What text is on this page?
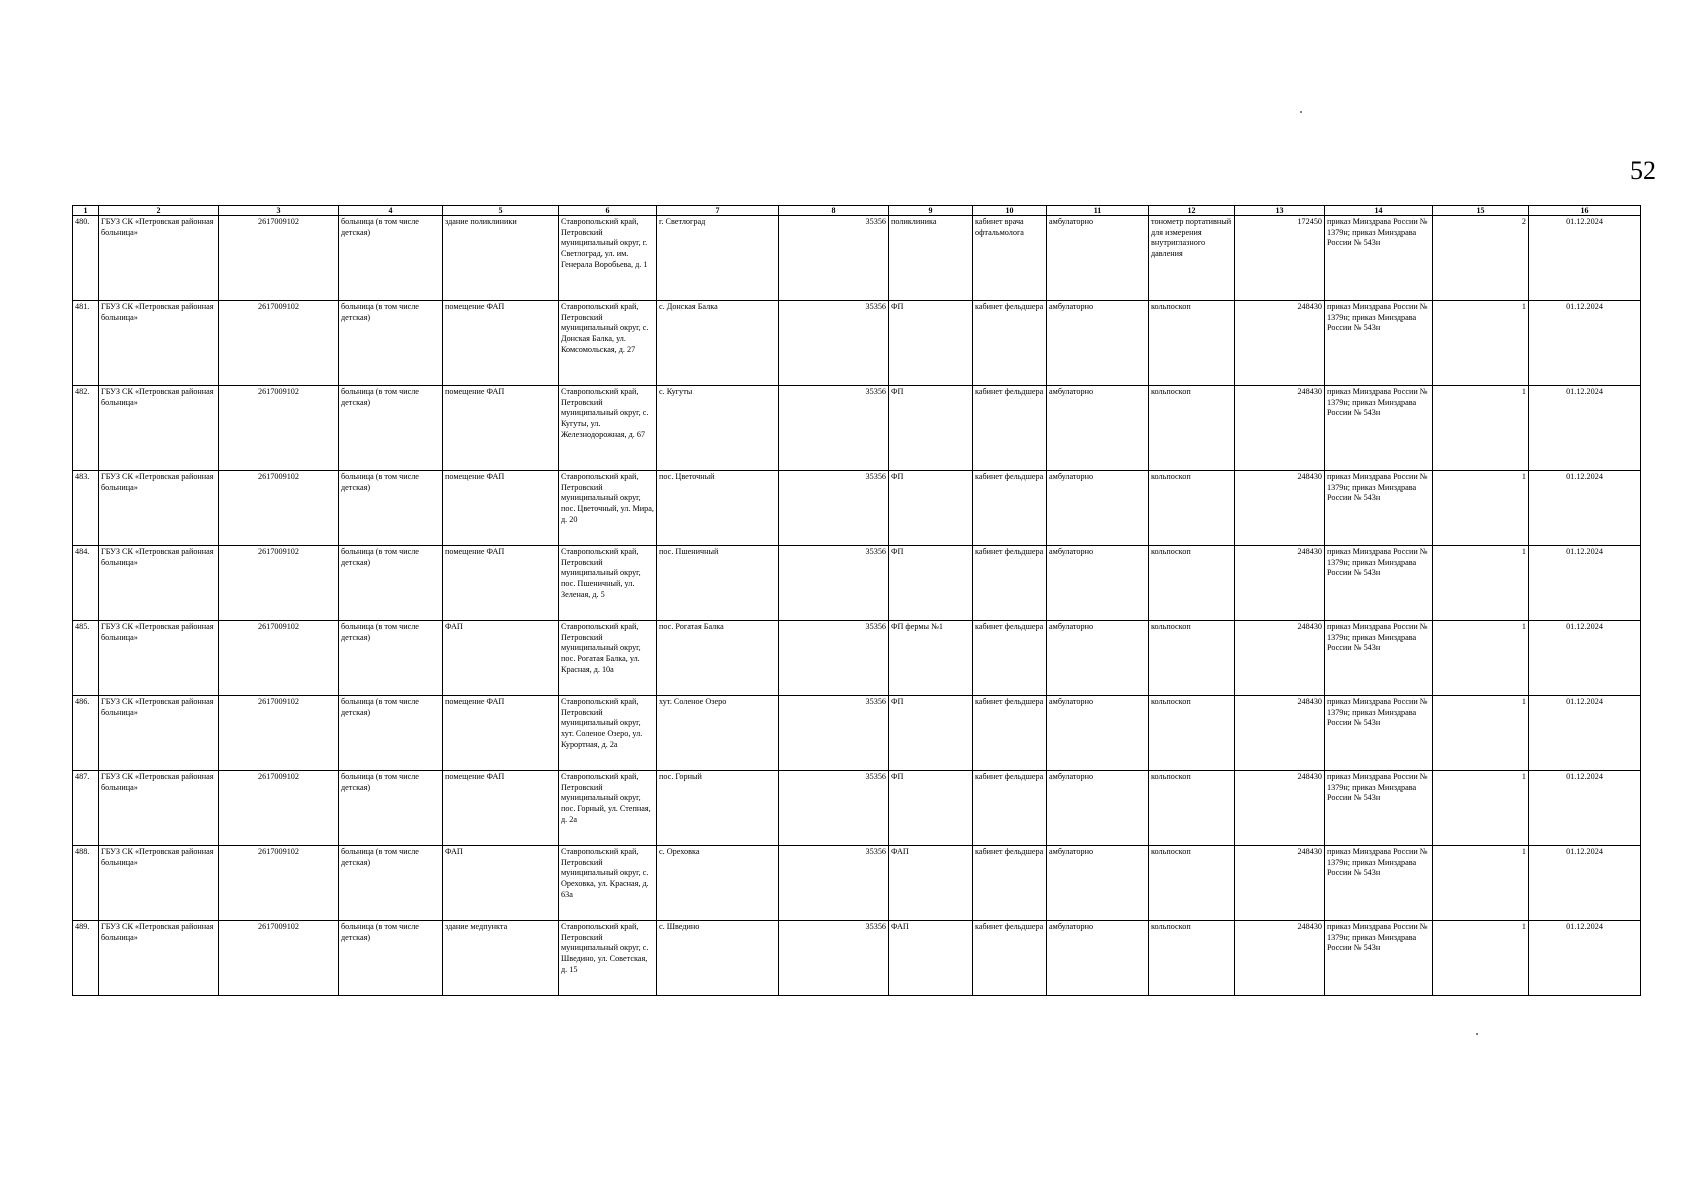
52
1	2	3	4	5	6	7	8	9	10	11	12	13	14	15	16
480.	ГБУЗ СК «Петровская районная больница»	2617009102	больница (в том числе детская)	здание поликлиники	Ставропольский край, Петровский муниципальный округ, г. Светлоград, ул. им. Генерала Воробьева, д. 1	г. Светлоград	35356	поликлиника	кабинет врача офтальмолога	амбулаторно	тонометр портативный для измерения внутриглазного давления	172450	приказ Минздрава России № 1379н; приказ Минздрава России № 543н	2	01.12.2024
481.	ГБУЗ СК «Петровская районная больница»	2617009102	больница (в том числе детская)	помещение ФАП	Ставропольский край, Петровский муниципальный округ, с. Донская Балка, ул. Комсомольская, д. 27	с. Донская Балка	35356	ФП	кабинет фельдшера	амбулаторно	кольпоскоп	248430	приказ Минздрава России № 1379н; приказ Минздрава России № 543н	1	01.12.2024
482.	ГБУЗ СК «Петровская районная больница»	2617009102	больница (в том числе детская)	помещение ФАП	Ставропольский край, Петровский муниципальный округ, с. Кугуты, ул. Железнодорожная, д. 67	с. Кугуты	35356	ФП	кабинет фельдшера	амбулаторно	кольпоскоп	248430	приказ Минздрава России № 1379н; приказ Минздрава России № 543н	1	01.12.2024
483.	ГБУЗ СК «Петровская районная больница»	2617009102	больница (в том числе детская)	помещение ФАП	Ставропольский край, Петровский муниципальный округ, пос. Цветочный, ул. Мира, д. 20	пос. Цветочный	35356	ФП	кабинет фельдшера	амбулаторно	кольпоскоп	248430	приказ Минздрава России № 1379н; приказ Минздрава России № 543н	1	01.12.2024
484.	ГБУЗ СК «Петровская районная больница»	2617009102	больница (в том числе детская)	помещение ФАП	Ставропольский край, Петровский муниципальный округ, пос. Пшеничный, ул. Зеленая, д. 5	пос. Пшеничный	35356	ФП	кабинет фельдшера	амбулаторно	кольпоскоп	248430	приказ Минздрава России № 1379н; приказ Минздрава России № 543н	1	01.12.2024
485.	ГБУЗ СК «Петровская районная больница»	2617009102	больница (в том числе детская)	ФАП	Ставропольский край, Петровский муниципальный округ, пос. Рогатая Балка, ул. Красная, д. 10а	пос. Рогатая Балка	35356	ФП фермы №1	кабинет фельдшера	амбулаторно	кольпоскоп	248430	приказ Минздрава России № 1379н; приказ Минздрава России № 543н	1	01.12.2024
486.	ГБУЗ СК «Петровская районная больница»	2617009102	больница (в том числе детская)	помещение ФАП	Ставропольский край, Петровский муниципальный округ, хут. Соленое Озеро, ул. Курортная, д. 2а	хут. Соленое Озеро	35356	ФП	кабинет фельдшера	амбулаторно	кольпоскоп	248430	приказ Минздрава России № 1379н; приказ Минздрава России № 543н	1	01.12.2024
487.	ГБУЗ СК «Петровская районная больница»	2617009102	больница (в том числе детская)	помещение ФАП	Ставропольский край, Петровский муниципальный округ, пос. Горный, ул. Степная, д. 2а	пос. Горный	35356	ФП	кабинет фельдшера	амбулаторно	кольпоскоп	248430	приказ Минздрава России № 1379н; приказ Минздрава России № 543н	1	01.12.2024
488.	ГБУЗ СК «Петровская районная больница»	2617009102	больница (в том числе детская)	ФАП	Ставропольский край, Петровский муниципальный округ, с. Ореховка, ул. Красная, д. 63а	с. Ореховка	35356	ФАП	кабинет фельдшера	амбулаторно	кольпоскоп	248430	приказ Минздрава России № 1379н; приказ Минздрава России № 543н	1	01.12.2024
489.	ГБУЗ СК «Петровская районная больница»	2617009102	больница (в том числе детская)	здание медпункта	Ставропольский край, Петровский муниципальный округ, с. Шведино, ул. Советская, д. 15	с. Шведино	35356	ФАП	кабинет фельдшера	амбулаторно	кольпоскоп	248430	приказ Минздрава России № 1379н; приказ Минздрава России № 543н	1	01.12.2024
